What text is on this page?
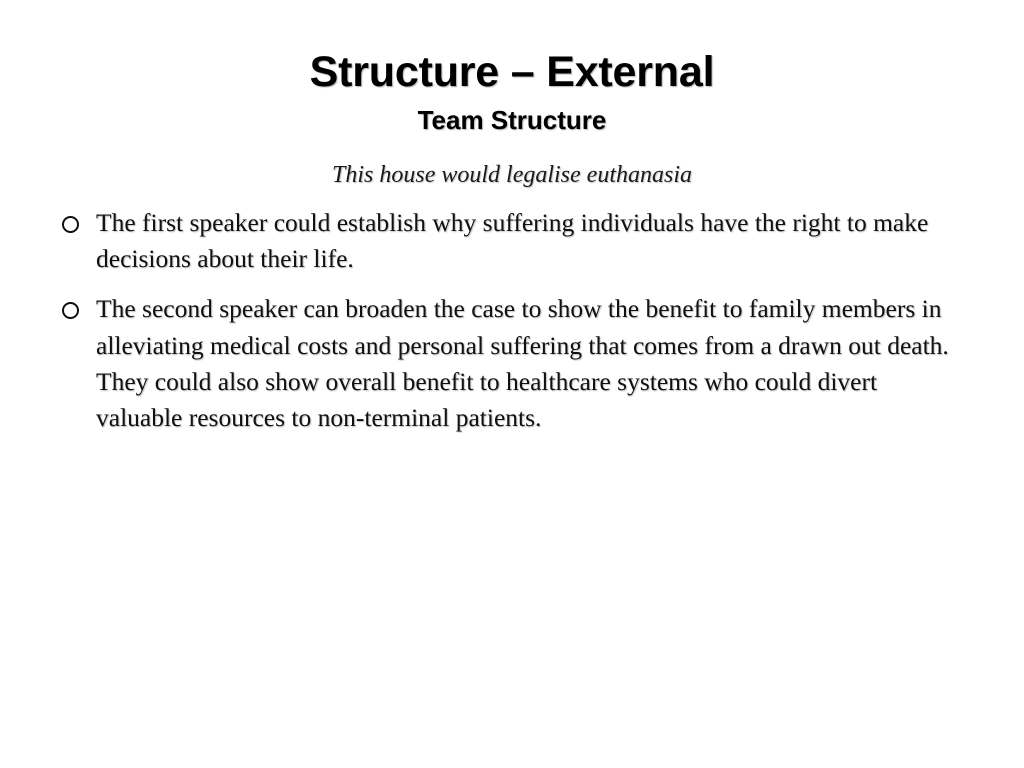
Structure – External
Team Structure
This house would legalise euthanasia
The first speaker could establish why suffering individuals have the right to make decisions about their life.
The second speaker can broaden the case to show the benefit to family members in alleviating medical costs and personal suffering that comes from a drawn out death. They could also show overall benefit to healthcare systems who could divert valuable resources to non-terminal patients.
